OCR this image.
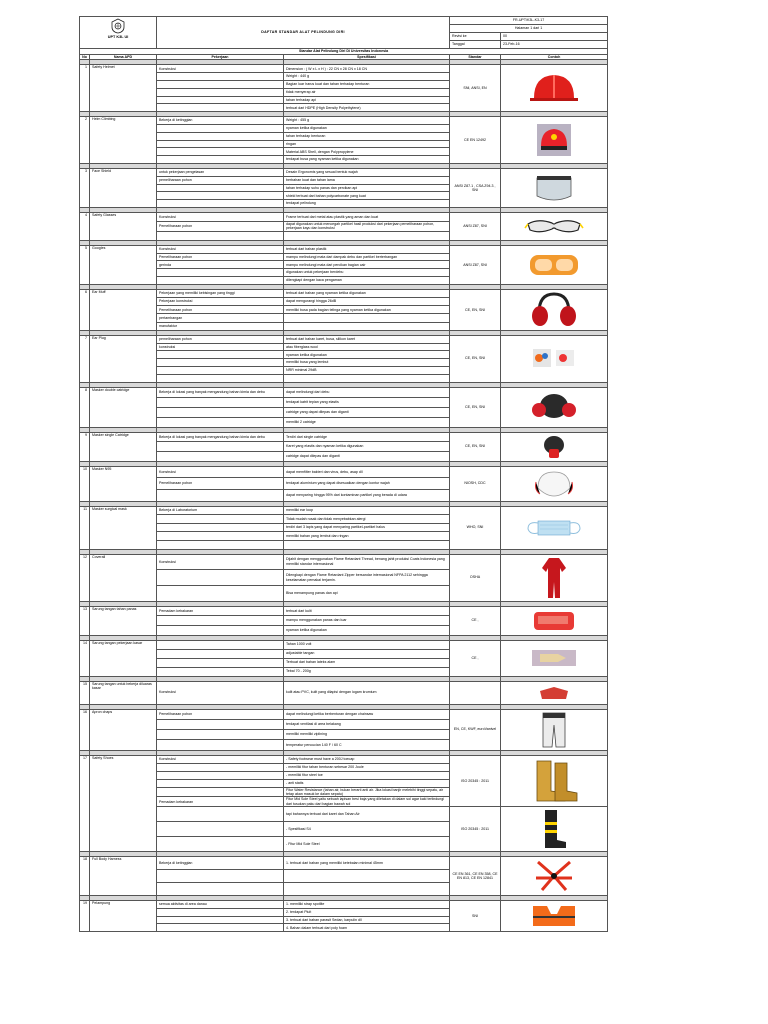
UPT K3L UI		DAFTAR STANDAR ALAT PELINDUNG DIRI		FR-UPT/K3L-K3-17	
				Halaman 1 dari 1	
				Revisi ke	00
				Tanggal	23-Feb-16
Standar Alat Pelindung Diri Di Universitas Indonesia					
No	Nama APD	Pekerjaan	Spesifikasi	Standar	Contoh

1	Safety Helmet	Konstruksi	Dimension : ( W x L x H ) : 22 CN x 28 CN x 18 CN	SNI, ANSI, EN	

			Weight : 440 g		
			Bagian luar harus kuat dan tahan terhadap benturan		
			tidak menyerap air		
			tahan terhadap api		
			terbuat dari HDPE (High Density Polyethylene)		

2	Helm Climbing	Bekerja di ketinggian	Weight : 455 g	CE EN 12492	

			nyaman ketika digunakan		
			tahan terhadap benturan		
			ringan		
			Material ABS Shell, dengan Polypropylene		
			terdapat busa yang nyaman ketika digunakan		

3	Face Shield	untuk pekerjaan pengelasan	Desain Ergonomis yang sesuai bentuk wajah	ANSI Z87.1 , CSA Z94.3 , SNI	

		pemeliharaan pohon	berbahan kuat dan tahan lama		
			tahan terhadap suhu panas dan percikan api		
			shield terbuat dari bahan polycarbonate yang kuat		
			terdapat pelindung		

4	Safety Glasses	Konstruksi	Frame terbuat dari metal atau plastik yang aman dan kuat	ANSI Z87, SNI	

		Pemeliharaan pohon	dapat digunakan untuk mencegah partikel hasil produksi dari pekerjaan pemeliharaan pohon, pekerjaan kayu dan konstruksi		

5	Googles	Konstruksi	terbuat dari bahan plastik	ANSI Z87, SNI	

		Pemeliharaan pohon	mampu melindungi mata dari dampak debu dan partikel berterbangan		
		gerinda	mampu melindungi mata dari percikan bagian cair		
			digunakan untuk pekerjaan berdebu		
			dilengkapi dengan kaca pengaman		

6	Ear Muff	Pekerjaan yang memiliki kebisingan yang tinggi	terbuat dari bahan yang nyaman ketika digunakan	CE, EN, SNI	

		Pekerjaan konstruksi	dapat mengurangi hingga 26dB		
		Pemeliharaan pohon	memiliki busa pada bagian telinga yang nyaman ketika digunakan		
		pertambangan			
		manufaktur			

7	Ear Plug	pemeliharaan pohon	terbuat dari bahan karet, busa, silikon karet	CE, EN, SNI	

		konstruksi	atau fiberglass wool		
			nyaman ketika digunakan		
			memiliki busa yang lembut		
			NRR minimal 29dB		

8	Masker double catridge	Bekerja di lokasi yang banyak mengandung bahan kimia dan debu	dapat melindungi dari debu	CE, EN, SNI	

			terdapat katrit tepian yang elastis		
			catridge yang dapat dilepas dan diganti		
			memiliki 2 catridge		

9	Masker single Catridge	Bekerja di lokasi yang banyak mengandung bahan kimia dan debu	Terdiri dari single catridge	CE, EN, SNI	

			Karet yang elastis dan nyaman ketika digunakan		
			catridge dapat dilepas dan diganti		

10	Masker N95	Konstruksi	dapat memfilter bakteri dan virus, debu, asap dll	NIOSH, CDC	

		Pemeliharaan pohon	terdapat aluminium yang dapat disesuaikan dengan kontur wajah		
			dapat menyaring hingga 95% dari kontaminan partikel yang berada di udara		

11	Masker surgical mask	Bekerja di Laboratorium	memiliki ear loop	WHO, SNI	

			Tidak mudah rusak dan tidak menyebabkan alergi		
			terdiri dari 3 lapis yang dapat menyaring partikel-partikel halus		
			memiliki bahan yang lembut dan ringan		

12	Coverall	Konstruksi	Dijahit dengan menggunakan Flame Retardant Thread, benang jahit produksi Coats Indonesia yang memiliki standar internasional	OSHA	

			Dilengkapi dengan Flame Retardant Zipper bersandar internasional NFPA 2112 sehingga keselamatan pemakai terjamin.		
			Bisa menampung panas dan api		

13	Sarung tangan tahan panas	Pemadam kebakaran	terbuat dari kulit	CE ,	

			mampu menggunakan panas dan luar		
			nyaman ketika digunakan		

14	Sarung tangan pekerjaan kasar		Tahan 1000 volt	CE ,	

			adjustable tangan		
			Terbuat dari bahan lateks alam		
			Tebal 70 - 200g		

15	Sarung tangan untuk bekerja diluaras kasar	Konstruksi	kulit atau PVC, kulit yang dilapisi dengan logam krumium		

16	Apron chaps	Pemeliharaan pohon	dapat melindungi ketika berbenturan dengan chainsaw	EN, CE, KWF, euroVanivel	

			terdapat ventilasi di area belakang		
			memiliki memiliki ziplining		
			temperatur pencucian 140 F / 60 C		

17	Safety Shoes	Konstruksi	- Safety footwear must have a 200J toecap	ISO 20345 : 2011	

			- memiliki fitur tahan benturan sebesar 200 Joule		
			- memiliki fitur steel toe		
			- anti statis		
			Fitur Water Resistance (tahan air, bukan berarti anti air. Jika lokasi banjir melebihi tinggi sepatu, air tetap akan masuk ke dalam sepatu)		
		Pemadam kebakaran	Fitur Mid Sole Steel yaitu sebuah lapisan besi baja yang diletakan di dalam sol agar kaki terlindungi dari tusukan paku dari bagian bawah sol		
			tapi bahannya terbuat dari karet dan Tahan Air	ISO 20345 : 2011	

			- Spesifikasi S4		
			- Fitur Mid Sole Steel		

18	Full Body Harness	Bekerja di ketinggian	1. terbuat dari bahan yang memiliki ketebalan minimal 45mm	CE EN 361, CE EN 358, CE EN 813, CE EN 12841	

19	Pelampung	semua aktivitas di area danau	1. memiliki strap spotlite	SNI	

			2. terdapat Pluit		
			3. terbuat dari bahan parasit Sedan, karpulin dll		
			4. Bahan dalam terbuat dari poly foam		
